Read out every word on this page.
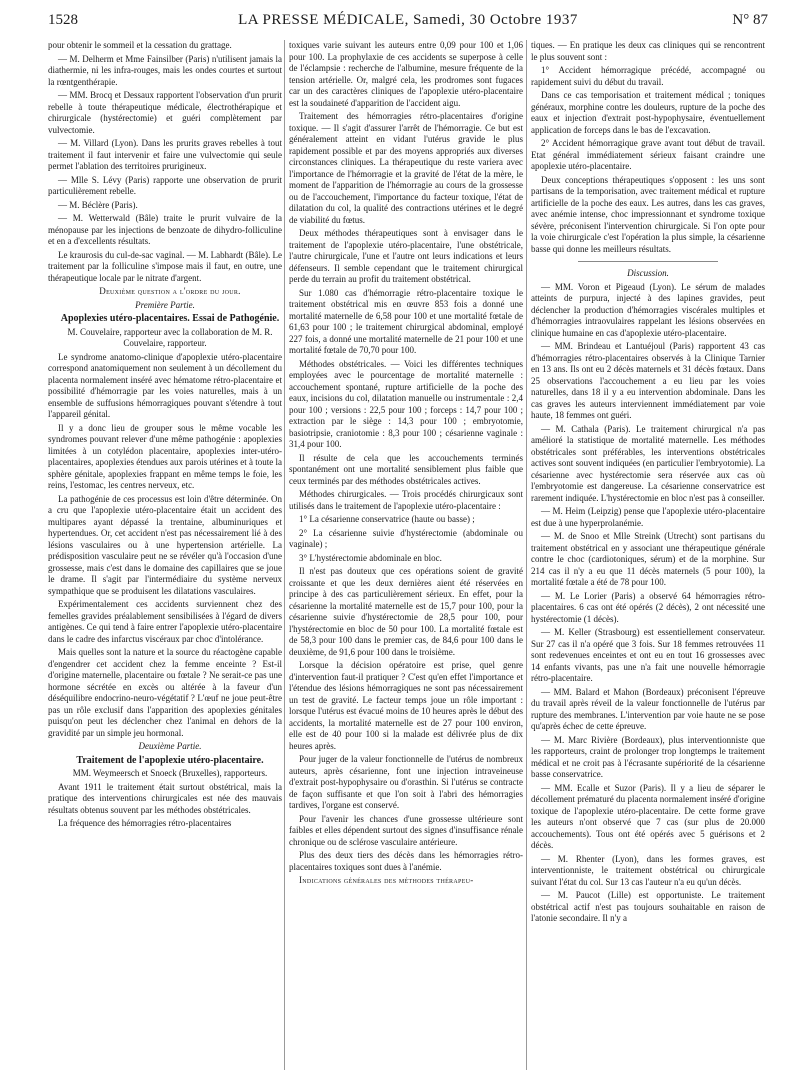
1528	LA PRESSE MÉDICALE, Samedi, 30 Octobre 1937	N° 87

pour obtenir le sommeil et la cessation du grattage.

— M. Delherm et Mme Fainsilber (Paris) n'utilisent jamais la diathermie, ni les infra-rouges, mais les ondes courtes et surtout la rœntgenthérapie.

— MM. Brocq et Dessaux rapportent l'observation d'un prurit rebelle à toute thérapeutique médicale, électrothérapique et chirurgicale (hystérectomie) et guéri complètement par vulvectomie.

— M. Villard (Lyon). Dans les prurits graves rebelles à tout traitement il faut intervenir et faire une vulvectomie qui seule permet l'ablation des territoires prurigineux.

— Mlle S. Lévy (Paris) rapporte une observation de prurit particulièrement rebelle.

— M. Béclère (Paris).

— M. Wetterwald (Bâle) traite le prurit vulvaire de la ménopause par les injections de benzoate de dihydro-folliculine et en a d'excellents résultats.

Le kraurosis du cul-de-sac vaginal. — M. Labhardt (Bâle). Le traitement par la folliculine s'impose mais il faut, en outre, une thérapeutique locale par le nitrate d'argent.

Deuxième question a l'ordre du jour.

Première Partie.

Apoplexies utéro-placentaires. Essai de Pathogénie.

M. Couvelaire, rapporteur avec la collaboration de M. R. Couvelaire, rapporteur.

Le syndrome anatomo-clinique d'apoplexie utéro-placentaire correspond anatomiquement non seulement à un décollement du placenta normalement inséré avec hématome rétro-placentaire et possibilité d'hémorragie par les voies naturelles, mais à un ensemble de suffusions hémorragiques pouvant s'étendre à tout l'appareil génital.

Il y a donc lieu de grouper sous le même vocable les syndromes pouvant relever d'une même pathogénie : apoplexies limitées à un cotylédon placentaire, apoplexies inter-utéro-placentaires, apoplexies étendues aux parois utérines et à toute la sphère génitale, apoplexies frappant en même temps le foie, les reins, l'estomac, les centres nerveux, etc.

La pathogénie de ces processus est loin d'être déterminée. On a cru que l'apoplexie utéro-placentaire était un accident des multipares ayant dépassé la trentaine, albuminuriques et hypertendues. Or, cet accident n'est pas nécessairement lié à des lésions vasculaires ou à une hypertension artérielle. La prédisposition vasculaire peut ne se révéler qu'à l'occasion d'une grossesse, mais c'est dans le domaine des capillaires que se joue le drame. Il s'agit par l'intermédiaire du système nerveux sympathique que se produisent les dilatations vasculaires.

Expérimentalement ces accidents surviennent chez des femelles gravides préalablement sensibilisées à l'égard de divers antigènes. Ce qui tend à faire entrer l'apoplexie utéro-placentaire dans le cadre des infarctus viscéraux par choc d'intolérance.

Mais quelles sont la nature et la source du réactogène capable d'engendrer cet accident chez la femme enceinte ? Est-il d'origine maternelle, placentaire ou fœtale ? Ne serait-ce pas une hormone sécrétée en excès ou altérée à la faveur d'un déséquilibre endocrino-neuro-végétatif ? L'œuf ne joue peut-être pas un rôle exclusif dans l'apparition des apoplexies génitales puisqu'on peut les déclencher chez l'animal en dehors de la gravidité par un simple jeu hormonal.

Deuxième Partie.

Traitement de l'apoplexie utéro-placentaire.

MM. Weymeersch et Snoeck (Bruxelles), rapporteurs.

Avant 1911 le traitement était surtout obstétrical, mais la pratique des interventions chirurgicales est née des mauvais résultats obtenus souvent par les méthodes obstétricales.

La fréquence des hémorragies rétro-placentaires

toxiques varie suivant les auteurs entre 0,09 pour 100 et 1,06 pour 100. La prophylaxie de ces accidents se superpose à celle de l'éclampsie : recherche de l'albumine, mesure fréquente de la tension artérielle. Or, malgré cela, les prodromes sont fugaces car un des caractères cliniques de l'apoplexie utéro-placentaire est la soudaineté d'apparition de l'accident aigu.

Traitement des hémorragies rétro-placentaires d'origine toxique. — Il s'agit d'assurer l'arrêt de l'hémorragie. Ce but est généralement atteint en vidant l'utérus gravide le plus rapidement possible et par des moyens appropriés aux diverses circonstances cliniques. La thérapeutique du reste variera avec l'importance de l'hémorragie et la gravité de l'état de la mère, le moment de l'apparition de l'hémorragie au cours de la grossesse ou de l'accouchement, l'importance du facteur toxique, l'état de dilatation du col, la qualité des contractions utérines et le degré de viabilité du fœtus.

Deux méthodes thérapeutiques sont à envisager dans le traitement de l'apoplexie utéro-placentaire, l'une obstétricale, l'autre chirurgicale, l'une et l'autre ont leurs indications et leurs défenseurs. Il semble cependant que le traitement chirurgical perde du terrain au profit du traitement obstétrical.

Sur 1.080 cas d'hémorragie rétro-placentaire toxique le traitement obstétrical mis en œuvre 853 fois a donné une mortalité maternelle de 6,58 pour 100 et une mortalité fœtale de 61,63 pour 100 ; le traitement chirurgical abdominal, employé 227 fois, a donné une mortalité maternelle de 21 pour 100 et une mortalité fœtale de 70,70 pour 100.

Méthodes obstétricales. — Voici les différentes techniques employées avec le pourcentage de mortalité maternelle : accouchement spontané, rupture artificielle de la poche des eaux, incisions du col, dilatation manuelle ou instrumentale : 2,4 pour 100 ; versions : 22,5 pour 100 ; forceps : 14,7 pour 100 ; extraction par le siège : 14,3 pour 100 ; embryotomie, basiotripsie, craniotomie : 8,3 pour 100 ; césarienne vaginale : 31,4 pour 100.

Il résulte de cela que les accouchements terminés spontanément ont une mortalité sensiblement plus faible que ceux terminés par des méthodes obstétricales actives.

Méthodes chirurgicales. — Trois procédés chirurgicaux sont utilisés dans le traitement de l'apoplexie utéro-placentaire :

1° La césarienne conservatrice (haute ou basse) ;

2° La césarienne suivie d'hystérectomie (abdominale ou vaginale) ;

3° L'hystérectomie abdominale en bloc.

Il n'est pas douteux que ces opérations soient de gravité croissante et que les deux dernières aient été réservées en principe à des cas particulièrement sérieux. En effet, pour la césarienne la mortalité maternelle est de 15,7 pour 100, pour la césarienne suivie d'hystérectomie de 28,5 pour 100, pour l'hystérectomie en bloc de 50 pour 100. La mortalité fœtale est de 58,3 pour 100 dans le premier cas, de 84,6 pour 100 dans le deuxième, de 91,6 pour 100 dans le troisième.

Lorsque la décision opératoire est prise, quel genre d'intervention faut-il pratiquer ? C'est qu'en effet l'importance et l'étendue des lésions hémorragiques ne sont pas nécessairement un test de gravité. Le facteur temps joue un rôle important : lorsque l'utérus est évacué moins de 10 heures après le début des accidents, la mortalité maternelle est de 27 pour 100 environ, elle est de 40 pour 100 si la malade est délivrée plus de dix heures après.

Pour juger de la valeur fonctionnelle de l'utérus de nombreux auteurs, après césarienne, font une injection intraveineuse d'extrait post-hypophysaire ou d'orasthin. Si l'utérus se contracte de façon suffisante et que l'on soit à l'abri des hémorragies tardives, l'organe est conservé.

Pour l'avenir les chances d'une grossesse ultérieure sont faibles et elles dépendent surtout des signes d'insuffisance rénale chronique ou de sclérose vasculaire antérieure.

Plus des deux tiers des décès dans les hémorragies rétro-placentaires toxiques sont dues à l'anémie.

Indications générales des méthodes thérapeu-

tiques. — En pratique les deux cas cliniques qui se rencontrent le plus souvent sont :

1° Accident hémorragique précédé, accompagné ou rapidement suivi du début du travail.

Dans ce cas temporisation et traitement médical ; toniques généraux, morphine contre les douleurs, rupture de la poche des eaux et injection d'extrait post-hypophysaire, éventuellement application de forceps dans le bas de l'excavation.

2° Accident hémorragique grave avant tout début de travail. Etat général immédiatement sérieux faisant craindre une apoplexie utéro-placentaire.

Deux conceptions thérapeutiques s'opposent : les uns sont partisans de la temporisation, avec traitement médical et rupture artificielle de la poche des eaux. Les autres, dans les cas graves, avec anémie intense, choc impressionnant et syndrome toxique sévère, préconisent l'intervention chirurgicale. Si l'on opte pour la voie chirurgicale c'est l'opération la plus simple, la césarienne basse qui donne les meilleurs résultats.

Discussion.

— MM. Voron et Pigeaud (Lyon). Le sérum de malades atteints de purpura, injecté à des lapines gravides, peut déclencher la production d'hémorragies viscérales multiples et d'hémorragies intraovulaires rappelant les lésions observées en clinique humaine en cas d'apoplexie utéro-placentaire.

— MM. Brindeau et Lantuéjoul (Paris) rapportent 43 cas d'hémorragies rétro-placentaires observés à la Clinique Tarnier en 13 ans. Ils ont eu 2 décès maternels et 31 décès fœtaux. Dans 25 observations l'accouchement a eu lieu par les voies naturelles, dans 18 il y a eu intervention abdominale. Dans les cas graves les auteurs interviennent immédiatement par voie haute, 18 femmes ont guéri.

— M. Cathala (Paris). Le traitement chirurgical n'a pas amélioré la statistique de mortalité maternelle. Les méthodes obstétricales sont préférables, les interventions obstétricales actives sont souvent indiquées (en particulier l'embryotomie). La césarienne avec hystérectomie sera réservée aux cas où l'embryotomie est dangereuse. La césarienne conservatrice est rarement indiquée. L'hystérectomie en bloc n'est pas à conseiller.

— M. Heim (Leipzig) pense que l'apoplexie utéro-placentaire est due à une hyperprolanémie.

— M. de Snoo et Mlle Streink (Utrecht) sont partisans du traitement obstétrical en y associant une thérapeutique générale contre le choc (cardiotoniques, sérum) et de la morphine. Sur 214 cas il n'y a eu que 11 décès maternels (5 pour 100), la mortalité fœtale a été de 78 pour 100.

— M. Le Lorier (Paris) a observé 64 hémorragies rétro-placentaires. 6 cas ont été opérés (2 décès), 2 ont nécessité une hystérectomie (1 décès).

— M. Keller (Strasbourg) est essentiellement conservateur. Sur 27 cas il n'a opéré que 3 fois. Sur 18 femmes retrouvées 11 sont redevenues enceintes et ont eu en tout 16 grossesses avec 14 enfants vivants, pas une n'a fait une nouvelle hémorragie rétro-placentaire.

— MM. Balard et Mahon (Bordeaux) préconisent l'épreuve du travail après réveil de la valeur fonctionnelle de l'utérus par rupture des membranes. L'intervention par voie haute ne se pose qu'après échec de cette épreuve.

— M. Marc Rivière (Bordeaux), plus interventionniste que les rapporteurs, craint de prolonger trop longtemps le traitement médical et ne croit pas à l'écrasante supériorité de la césarienne basse conservatrice.

— MM. Ecalle et Suzor (Paris). Il y a lieu de séparer le décollement prématuré du placenta normalement inséré d'origine toxique de l'apoplexie utéro-placentaire. De cette forme grave les auteurs n'ont observé que 7 cas (sur plus de 20.000 accouchements). Tous ont été opérés avec 5 guérisons et 2 décès.

— M. Rhenter (Lyon), dans les formes graves, est interventionniste, le traitement obstétrical ou chirurgicale suivant l'état du col. Sur 13 cas l'auteur n'a eu qu'un décès.

— M. Paucot (Lille) est opportuniste. Le traitement obstétrical actif n'est pas toujours souhaitable en raison de l'atonie secondaire. Il n'y a
